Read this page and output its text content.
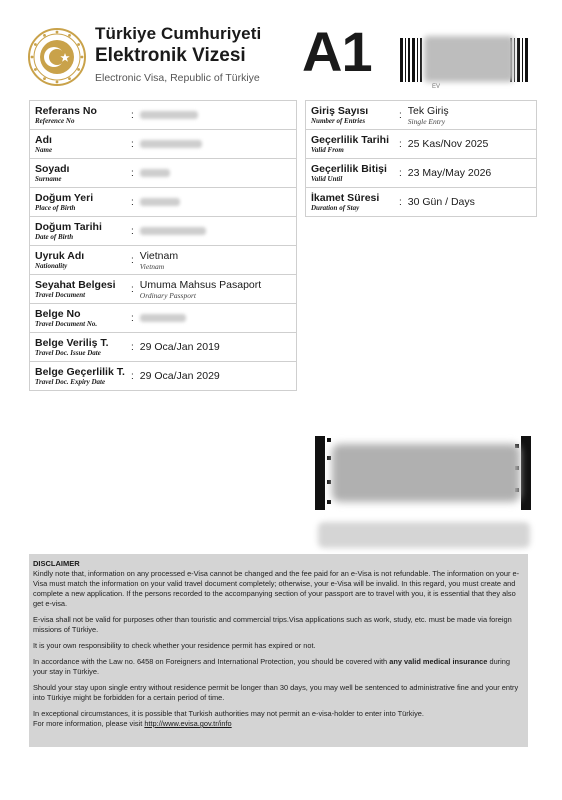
Türkiye Cumhuriyeti
Elektronik Vizesi
Electronic Visa, Republic of Türkiye A1
EV
Referans No
Reference No	:

Adı
Name	:

Soyadı
Surname	:

Doğum Yeri
Place of Birth	:

Doğum Tarihi
Date of Birth	:

Uyruk Adı
Nationality	: Vietnam
Vietnam

Seyahat Belgesi
Travel Document	: Umuma Mahsus Pasaport
Ordinary Passport

Belge No
Travel Document No.	:

Belge Veriliş T.
Travel Doc. Issue Date	: 29 Oca/Jan 2019

Belge Geçerlilik T.
Travel Doc. Expiry Date	: 29 Oca/Jan 2029
Giriş Sayısı
Number of Entries	: Tek Giriş
Single Entry

Geçerlilik Tarihi
Valid From	: 25 Kas/Nov 2025

Geçerlilik Bitişi
Valid Until	: 23 May/May 2026

İkamet Süresi
Duration of Stay	: 30 Gün / Days
DISCLAIMER

Kindly note that, information on any processed e-Visa cannot be changed and the fee paid for an e-Visa is not refundable. The information on your e-Visa must match the information on your valid travel document completely; otherwise, your e-Visa will be invalid. In this regard, you must create and complete a new application. If the persons recorded to the accompanying section of your passport are to travel with you, it is essential that they also get e-visa.

E-visa shall not be valid for purposes other than touristic and commercial trips.Visa applications such as work, study, etc. must be made via foreign missions of Türkiye.

It is your own responsibility to check whether your residence permit has expired or not.

In accordance with the Law no. 6458 on Foreigners and International Protection, you should be covered with any valid medical insurance during your stay in Türkiye.

Should your stay upon single entry without residence permit be longer than 30 days, you may well be sentenced to administrative fine and your entry into Türkiye might be forbidden for a certain period of time.

In exceptional circumstances, it is possible that Turkish authorities may not permit an e-visa-holder to enter into Türkiye.

For more information, please visit http://www.evisa.gov.tr/info
